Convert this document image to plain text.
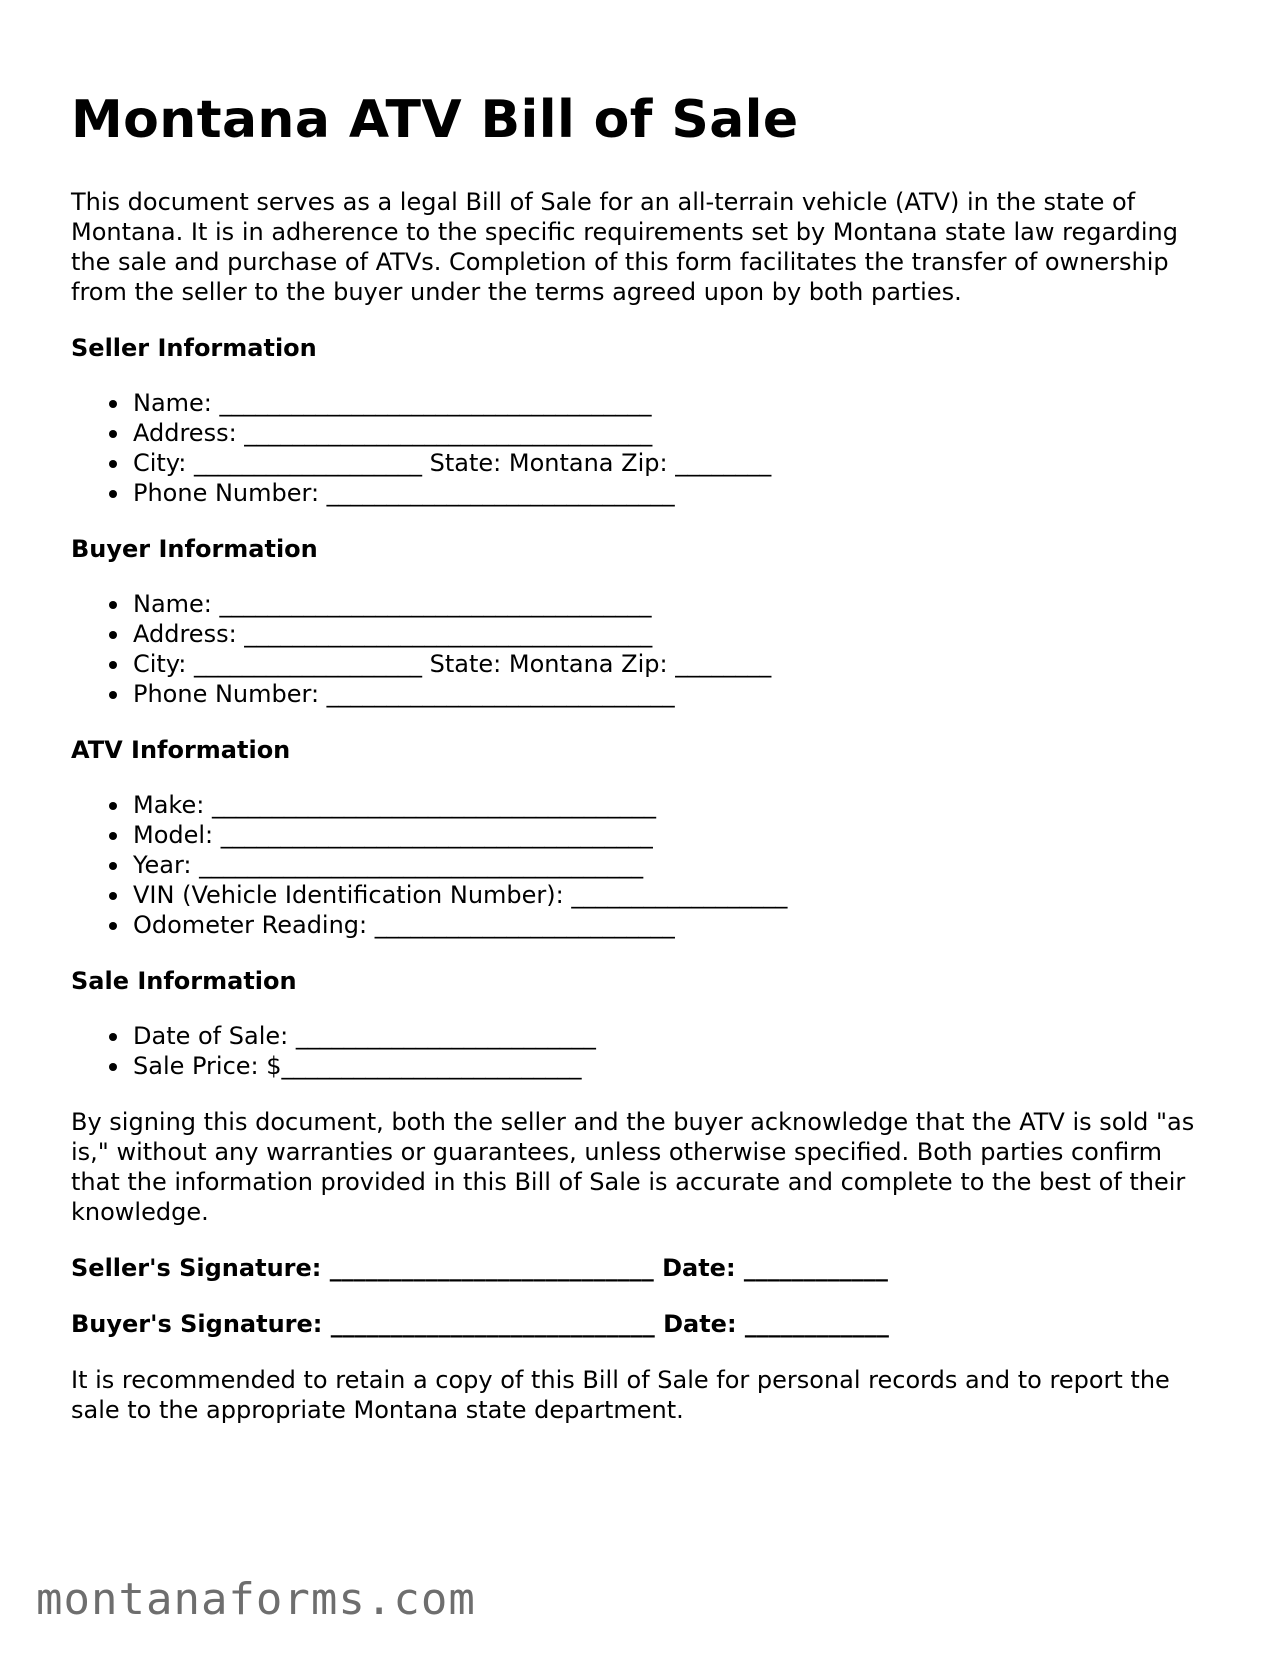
Montana ATV Bill of Sale

This document serves as a legal Bill of Sale for an all-terrain vehicle (ATV) in the state of Montana. It is in adherence to the specific requirements set by Montana state law regarding the sale and purchase of ATVs. Completion of this form facilitates the transfer of ownership from the seller to the buyer under the terms agreed upon by both parties.

Seller Information
Name: ____________________________________
Address: __________________________________
City: ___________________ State: Montana Zip: ________
Phone Number: _____________________________
Buyer Information
Name: ____________________________________
Address: __________________________________
City: ___________________ State: Montana Zip: ________
Phone Number: _____________________________
ATV Information
Make: _____________________________________
Model: ____________________________________
Year: _____________________________________
VIN (Vehicle Identification Number): __________________
Odometer Reading: _________________________
Sale Information
Date of Sale: _________________________
Sale Price: $_________________________

By signing this document, both the seller and the buyer acknowledge that the ATV is sold "as is," without any warranties or guarantees, unless otherwise specified. Both parties confirm that the information provided in this Bill of Sale is accurate and complete to the best of their knowledge.

Seller's Signature: ___________________________ Date: ____________

Buyer's Signature: ___________________________ Date: ____________

It is recommended to retain a copy of this Bill of Sale for personal records and to report the sale to the appropriate Montana state department.

montanaforms.com
